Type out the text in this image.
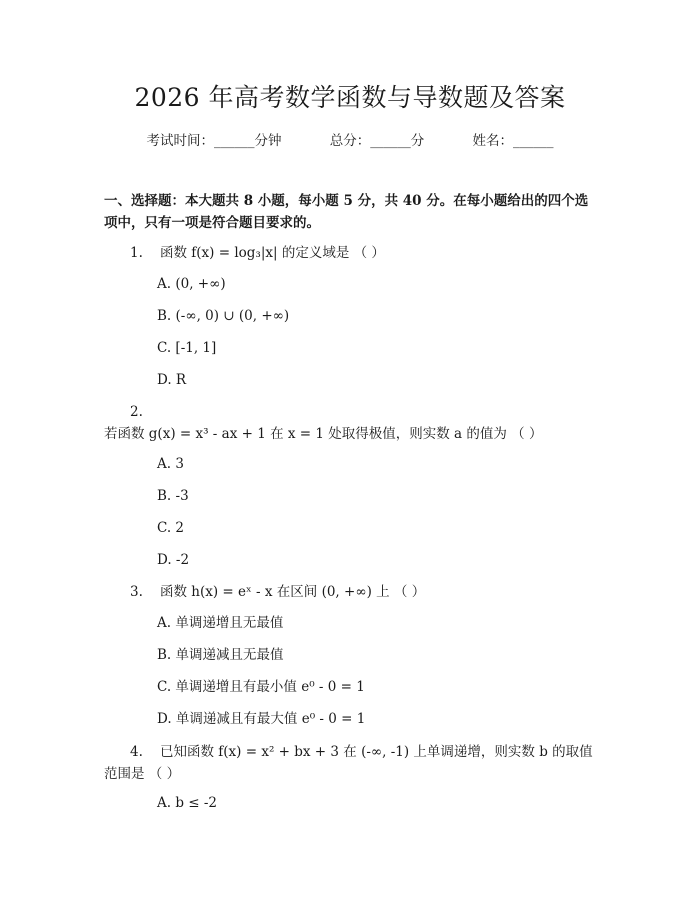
2026 年高考数学函数与导数题及答案
考试时间：______分钟	总分：______分	姓名：______
一、选择题：本大题共 8 小题，每小题 5 分，共 40 分。在每小题给出的四个选项中，只有一项是符合题目要求的。
1. 函数 f(x) = log₃|x| 的定义域是 （ ）
A. (0, +∞)
B. (-∞, 0) ∪ (0, +∞)
C. [-1, 1]
D. R
2.若函数 g(x) = x³ - ax + 1 在 x = 1 处取得极值，则实数 a 的值为 （ ）
A. 3
B. -3
C. 2
D. -2
3. 函数 h(x) = eˣ - x 在区间 (0, +∞) 上 （ ）
A. 单调递增且无最值
B. 单调递减且无最值
C. 单调递增且有最小值 e⁰ - 0 = 1
D. 单调递减且有最大值 e⁰ - 0 = 1
4. 已知函数 f(x) = x² + bx + 3 在 (-∞, -1) 上单调递增，则实数 b 的取值范围是 （ ）
A. b ≤ -2
